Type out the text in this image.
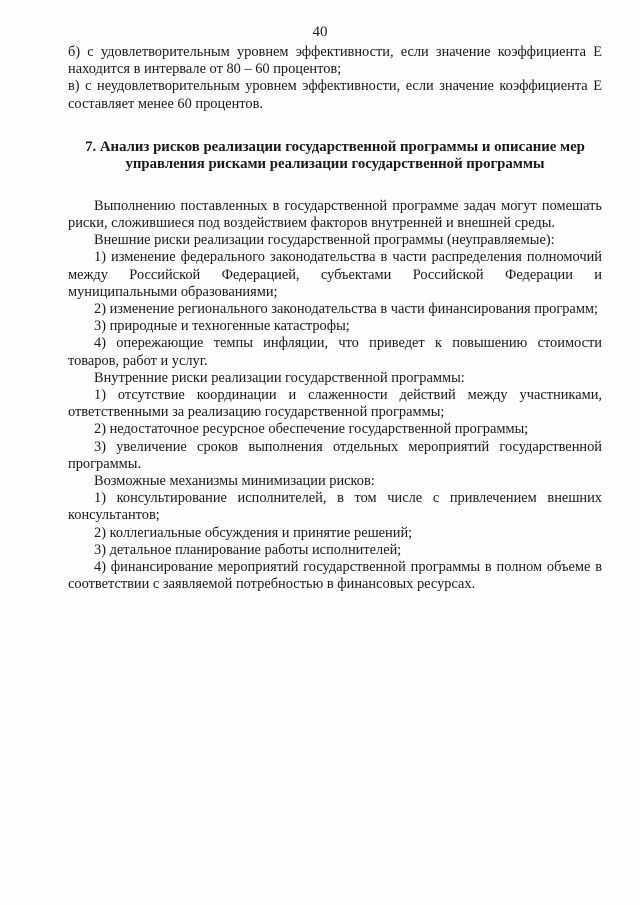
40

б) с удовлетворительным уровнем эффективности, если значение коэффициента Е находится в интервале от 80 – 60 процентов;

в) с неудовлетворительным уровнем эффективности, если значение коэффициента Е составляет менее 60 процентов.

7. Анализ рисков реализации государственной программы и описание мер
управления рисками реализации государственной программы

Выполнению поставленных в государственной программе задач могут помешать риски, сложившиеся под воздействием факторов внутренней и внешней среды.

Внешние риски реализации государственной программы (неуправляемые):

1) изменение федерального законодательства в части распределения полномочий между Российской Федерацией, субъектами Российской Федерации и муниципальными образованиями;

2) изменение регионального законодательства в части финансирования программ;

3) природные и техногенные катастрофы;

4) опережающие темпы инфляции, что приведет к повышению стоимости товаров, работ и услуг.

Внутренние риски реализации государственной программы:

1) отсутствие координации и слаженности действий между участниками, ответственными за реализацию государственной программы;

2) недостаточное ресурсное обеспечение государственной программы;

3) увеличение сроков выполнения отдельных мероприятий государственной программы.

Возможные механизмы минимизации рисков:

1) консультирование исполнителей, в том числе с привлечением внешних консультантов;

2) коллегиальные обсуждения и принятие решений;

3) детальное планирование работы исполнителей;

4) финансирование мероприятий государственной программы в полном объеме в соответствии с заявляемой потребностью в финансовых ресурсах.
